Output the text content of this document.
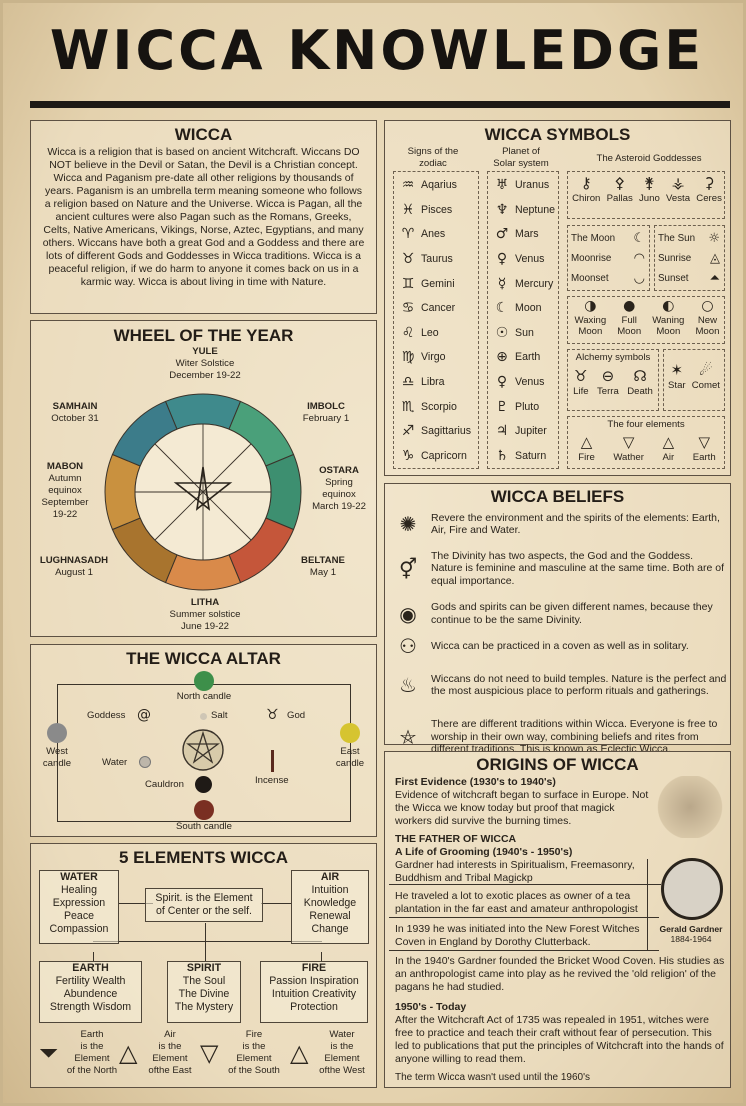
WICCA KNOWLEDGE
WICCA
Wicca is a religion that is based on ancient Witchcraft. Wiccans DO NOT believe in the Devil or Satan, the Devil is a Christian concept. Wicca and Paganism pre-date all other religions by thousands of years. Paganism is an umbrella term meaning someone who follows a religion based on Nature and the Universe. Wicca is Pagan, all the ancient cultures were also Pagan such as the Romans, Greeks, Celts, Native Americans, Vikings, Norse, Aztec, Egyptians, and many others. Wiccans have both a great God and a Goddess and there are lots of different Gods and Goddesses in Wicca traditions. Wicca is a peaceful religion, if we do harm to anyone it comes back on us in a karmic way. Wicca is about living in time with Nature.
WHEEL OF THE YEAR
YULE
Witer Solstice
December 19-22
IMBOLC
February 1
OSTARA
Spring
equinox
March 19-22
BELTANE
May 1
LITHA
Summer solstice
June 19-22
LUGHNASADH
August 1
MABON
Autumn
equinox
September
19-22
SAMHAIN
October 31
THE WICCA ALTAR
North candle
Goddess @	Salt	♉ God
West
candle
East
candle
Water
Incense
Cauldron
South candle
5 ELEMENTS WICCA
WATER
Healing
Expression
Peace
Compassion
AIR
Intuition
Knowledge
Renewal
Change
Spirit. is the Element
of Center or the self.
EARTH
Fertility Wealth
Abundence
Strength Wisdom
SPIRIT
The Soul
The Divine
The Mystery
FIRE
Passion Inspiration
Intuition Creativity
Protection
⏷
Earth
is the
Element
of the North
△
Air
is the
Element
ofthe East
▽
Fire
is the
Element
of the South
△
Water
is the
Element
ofthe West
WICCA SYMBOLS
Signs of the zodiac
Planet of
Solar system	The Asteroid Goddesses
♒ Aqarius
♓ Pisces
♈ Anes
♉ Taurus
♊ Gemini
♋ Cancer
♌ Leo
♍ Virgo
♎ Libra
♏ Scorpio
♐ Sagittarius
♑ Capricorn
♅ Uranus
♆ Neptune
♂ Mars
♀ Venus
☿ Mercury
☾ Moon
☉ Sun
⊕ Earth
♀ Venus
♇ Pluto
♃ Jupiter
♄ Saturn
⚷
Chiron
⚴
Pallas
⚵
Juno
⚶
Vesta
⚳
Ceres
The Moon ☾
Moonrise ◠
Moonset ◡
The Sun ☼
Sunrise ◬
Sunset ⏶
◑
Waxing
Moon
●
Full
Moon
◐
Waning
Moon
○
New
Moon
Alchemy symbols
♉
Life
⊖
Terra
☊
Death
✶
Star
☄
Comet
The four elements
△
Fire
▽
Wather
△
Air
▽
Earth
WICCA BELIEFS
✺	Revere the environment and the spirits of the elements: Earth, Air, Fire and Water.
⚥
The Divinity has two aspects, the God and the Goddess. Nature is feminine and masculine at the same time. Both are of equal importance.
◉	Gods and spirits can be given different names, because they continue to be the same Divinity.
⚇	Wicca can be practiced in a coven as well as in solitary.
♨	Wiccans do not need to build temples. Nature is the perfect and the most auspicious place to perform rituals and gatherings.
⛤
There are different traditions within Wicca. Everyone is free to worship in their own way, combining beliefs and rites from different traditions. This is known as Eclectic Wicca.
ORIGINS OF WICCA
First Evidence (1930's to 1940's)
Evidence of witchcraft began to surface in Europe. Not the Wicca we know today but proof that magick workers did survive the burning times.
THE FATHER OF WICCA
A Life of Grooming (1940's - 1950's)
Gardner had interests in Spiritualism, Freemasonry, Buddhism and Tribal Magickp
He traveled a lot to exotic places as owner of a tea plantation in the far east and amateur anthropologist
In 1939 he was initiated into the New Forest Witches Coven in England by Dorothy Clutterback.
Gerald Gardner
1884-1964
In the 1940's Gardner founded the Bricket Wood Coven. His studies as an anthropologist came into play as he revived the 'old religion' of the pagans he had studied.
1950's - Today
After the Witchcraft Act of 1735 was repealed in 1951, witches were free to practice and teach their craft without fear of persecution. This led to publications that put the principles of Witchcraft into the hands of anyone willing to read them.
The term Wicca wasn't used until the 1960's
